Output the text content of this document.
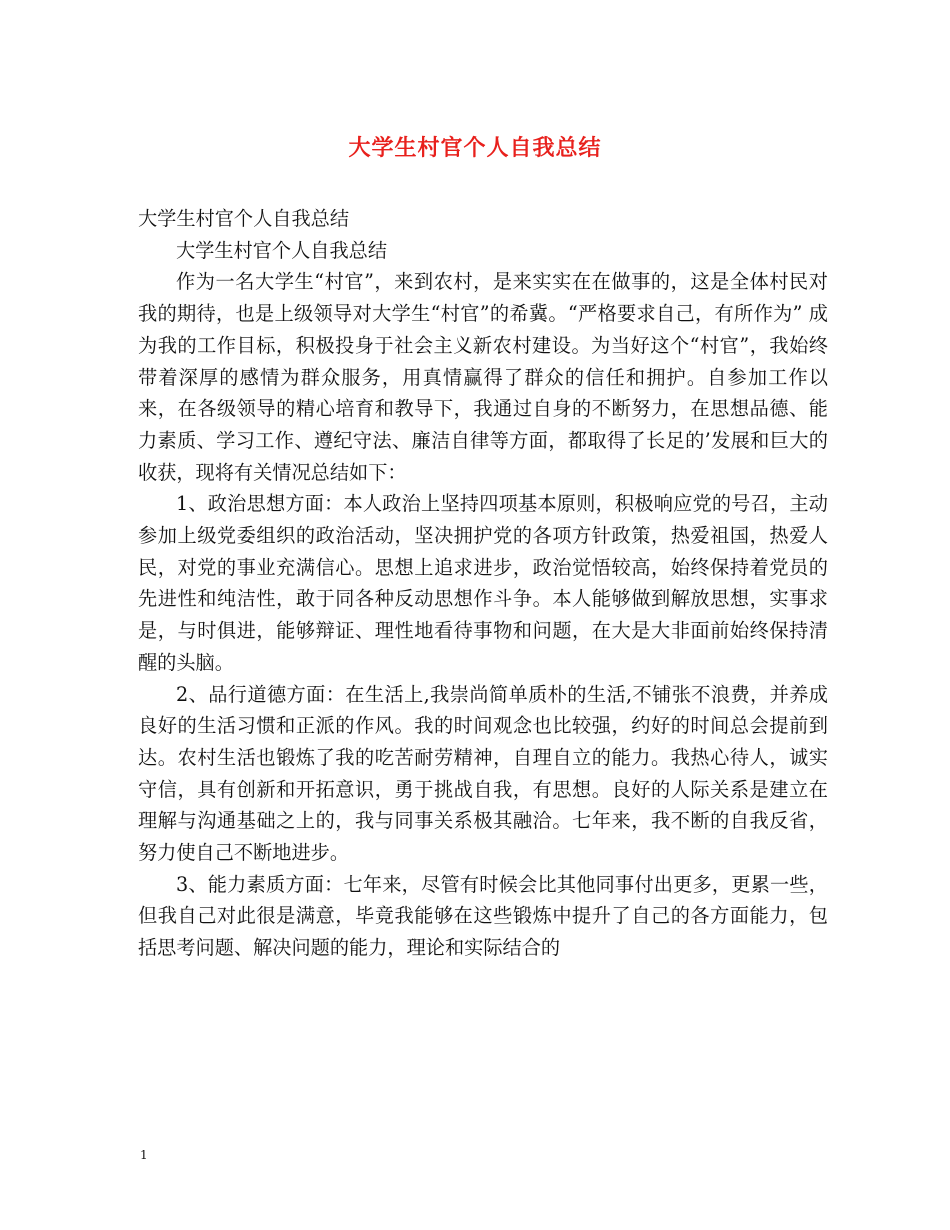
大学生村官个人自我总结

大学生村官个人自我总结

大学生村官个人自我总结

作为一名大学生“村官”，来到农村，是来实实在在做事的，这是全体村民对我的期待，也是上级领导对大学生“村官”的希冀。“严格要求自己，有所作为” 成为我的工作目标，积极投身于社会主义新农村建设。为当好这个“村官”，我始终带着深厚的感情为群众服务，用真情赢得了群众的信任和拥护。自参加工作以来，在各级领导的精心培育和教导下，我通过自身的不断努力，在思想品德、能力素质、学习工作、遵纪守法、廉洁自律等方面，都取得了长足的’发展和巨大的收获，现将有关情况总结如下：

1、政治思想方面：本人政治上坚持四项基本原则，积极响应党的号召，主动参加上级党委组织的政治活动，坚决拥护党的各项方针政策，热爱祖国，热爱人民，对党的事业充满信心。思想上追求进步，政治觉悟较高，始终保持着党员的先进性和纯洁性，敢于同各种反动思想作斗争。本人能够做到解放思想，实事求是，与时俱进，能够辩证、理性地看待事物和问题，在大是大非面前始终保持清醒的头脑。

2、品行道德方面：在生活上,我崇尚简单质朴的生活,不铺张不浪费，并养成良好的生活习惯和正派的作风。我的时间观念也比较强，约好的时间总会提前到达。农村生活也锻炼了我的吃苦耐劳精神，自理自立的能力。我热心待人，诚实守信，具有创新和开拓意识，勇于挑战自我，有思想。良好的人际关系是建立在理解与沟通基础之上的，我与同事关系极其融洽。七年来，我不断的自我反省，努力使自己不断地进步。

3、能力素质方面：七年来，尽管有时候会比其他同事付出更多，更累一些，但我自己对此很是满意，毕竟我能够在这些锻炼中提升了自己的各方面能力，包括思考问题、解决问题的能力，理论和实际结合的

1
